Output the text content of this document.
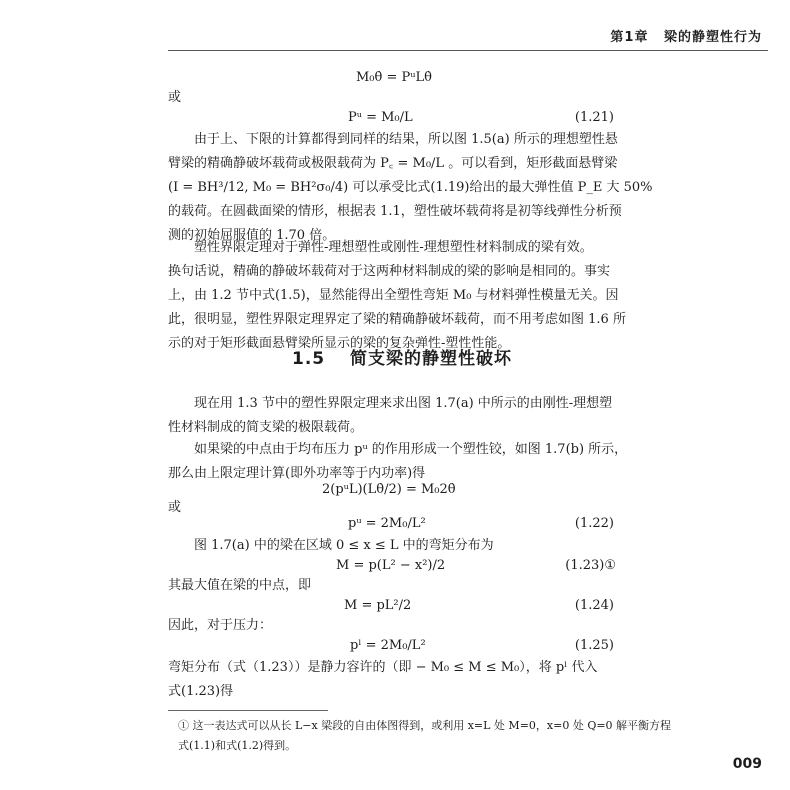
第1章 梁的静塑性行为
M₀θ̇ = PᵘLθ̇
或
Pᵘ = M₀/L	(1.21)
由于上、下限的计算都得到同样的结果，所以图 1.5(a) 所示的理想塑性悬
臂梁的精确静破坏载荷或极限载荷为 P꜀ = M₀/L 。可以看到，矩形截面悬臂梁
(I = BH³/12, M₀ = BH²σ₀/4) 可以承受比式(1.19)给出的最大弹性值 P_E 大 50%
的载荷。在圆截面梁的情形，根据表 1.1，塑性破坏载荷将是初等线弹性分析预
测的初始屈服值的 1.70 倍。
塑性界限定理对于弹性-理想塑性或刚性-理想塑性材料制成的梁有效。
换句话说，精确的静破坏载荷对于这两种材料制成的梁的影响是相同的。事实
上，由 1.2 节中式(1.5)，显然能得出全塑性弯矩 M₀ 与材料弹性模量无关。因
此，很明显，塑性界限定理界定了梁的精确静破坏载荷，而不用考虑如图 1.6 所
示的对于矩形截面悬臂梁所显示的梁的复杂弹性-塑性性能。
1.5 简支梁的静塑性破坏
现在用 1.3 节中的塑性界限定理来求出图 1.7(a) 中所示的由刚性-理想塑
性材料制成的简支梁的极限载荷。
如果梁的中点由于均布压力 pᵘ 的作用形成一个塑性铰，如图 1.7(b) 所示，
那么由上限定理计算(即外功率等于内功率)得
2(pᵘL)(Lθ̇/2) = M₀2θ̇
或
pᵘ = 2M₀/L²	(1.22)
图 1.7(a) 中的梁在区域 0 ≤ x ≤ L 中的弯矩分布为
M = p(L² − x²)/2	(1.23)①
其最大值在梁的中点，即
M = pL²/2	(1.24)
因此，对于压力：
pˡ = 2M₀/L²	(1.25)
弯矩分布（式（1.23））是静力容许的（即 − M₀ ≤ M ≤ M₀），将 pˡ 代入
式(1.23)得
① 这一表达式可以从长 L−x 梁段的自由体图得到，或利用 x=L 处 M=0，x=0 处 Q=0 解平衡方程
式(1.1)和式(1.2)得到。
009
